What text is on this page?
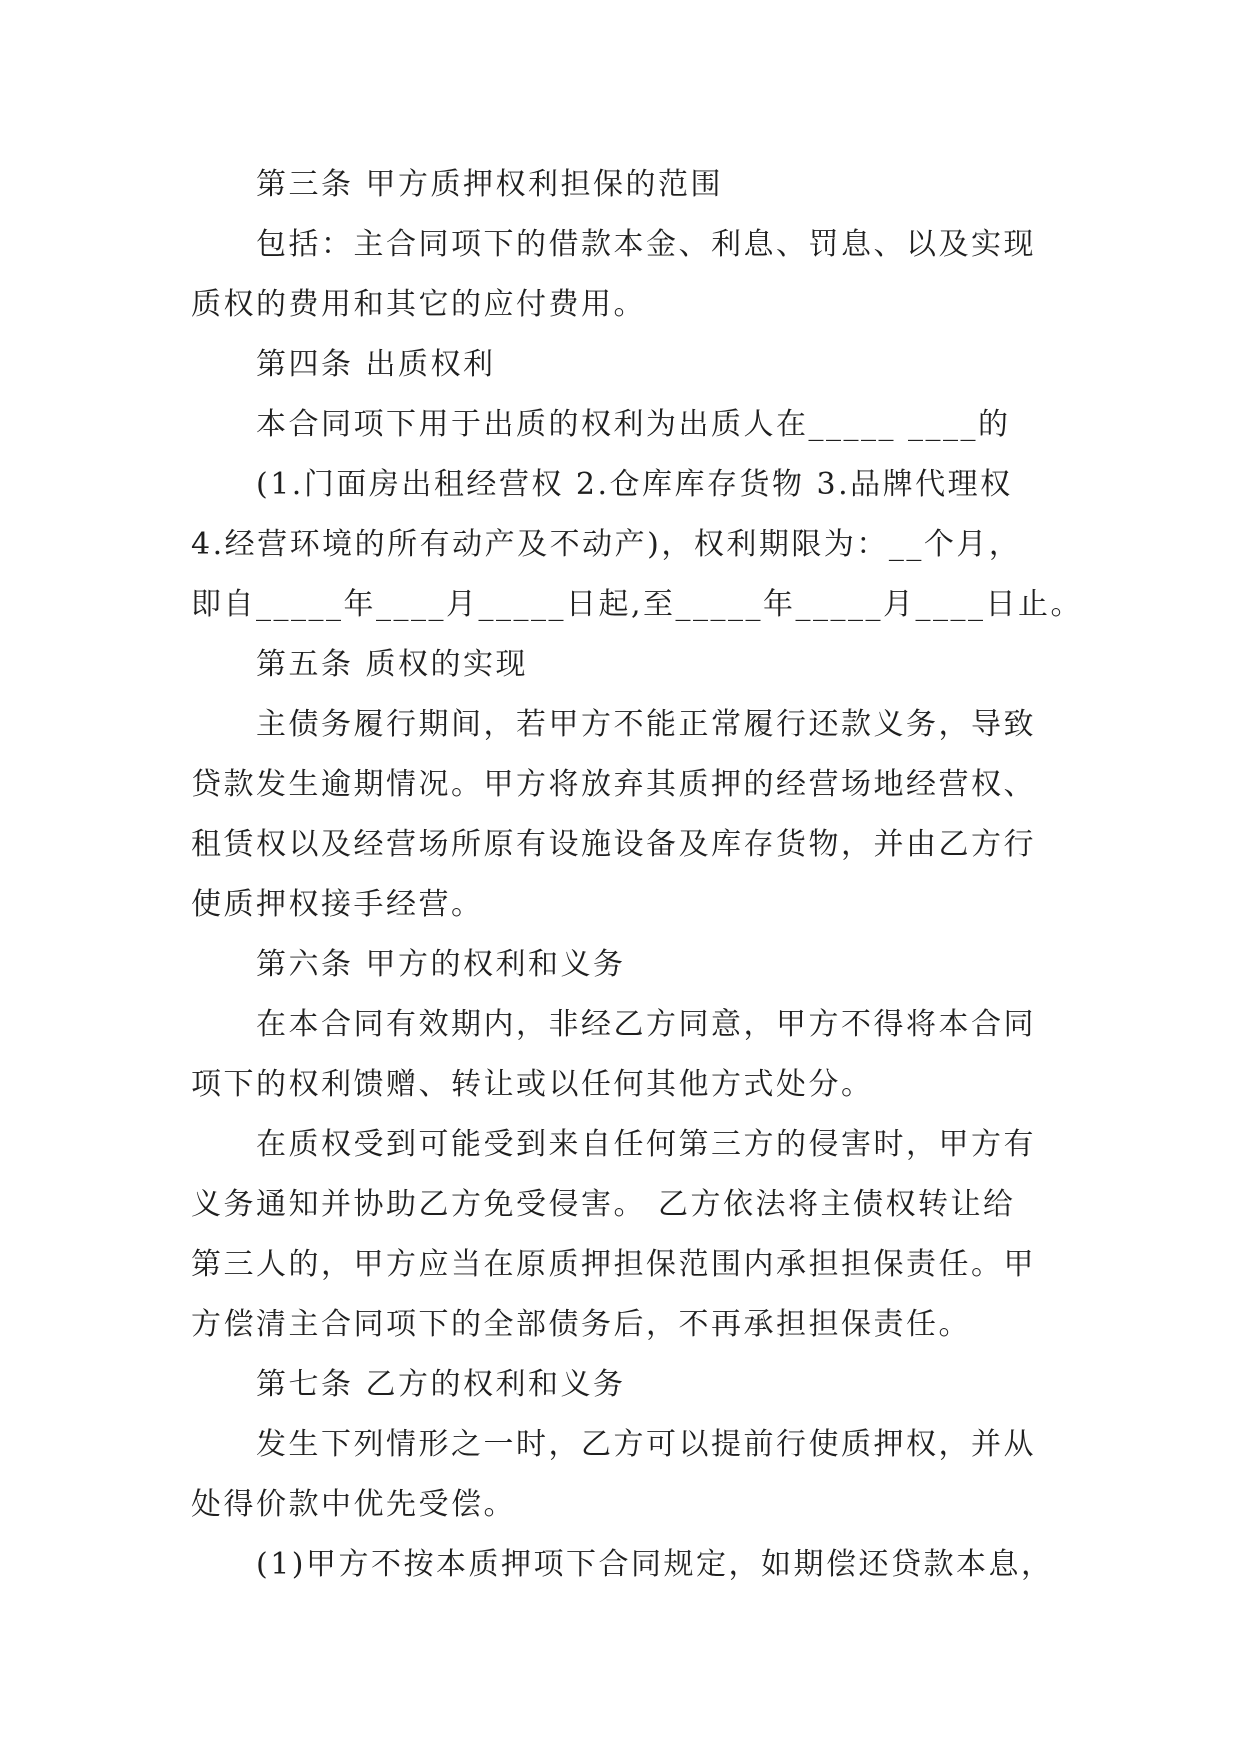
第三条 甲方质押权利担保的范围
包括：主合同项下的借款本金、利息、罚息、以及实现
质权的费用和其它的应付费用。
第四条 出质权利
本合同项下用于出质的权利为出质人在_____ ____的
(1.门面房出租经营权 2.仓库库存货物 3.品牌代理权
4.经营环境的所有动产及不动产)，权利期限为：__个月，
即自_____年____月_____日起,至_____年_____月____日止。
第五条 质权的实现
主债务履行期间，若甲方不能正常履行还款义务，导致
贷款发生逾期情况。甲方将放弃其质押的经营场地经营权、
租赁权以及经营场所原有设施设备及库存货物，并由乙方行
使质押权接手经营。
第六条 甲方的权利和义务
在本合同有效期内，非经乙方同意，甲方不得将本合同
项下的权利馈赠、转让或以任何其他方式处分。
在质权受到可能受到来自任何第三方的侵害时，甲方有
义务通知并协助乙方免受侵害。 乙方依法将主债权转让给
第三人的，甲方应当在原质押担保范围内承担担保责任。甲
方偿清主合同项下的全部债务后，不再承担担保责任。
第七条 乙方的权利和义务
发生下列情形之一时，乙方可以提前行使质押权，并从
处得价款中优先受偿。
(1)甲方不按本质押项下合同规定，如期偿还贷款本息，
